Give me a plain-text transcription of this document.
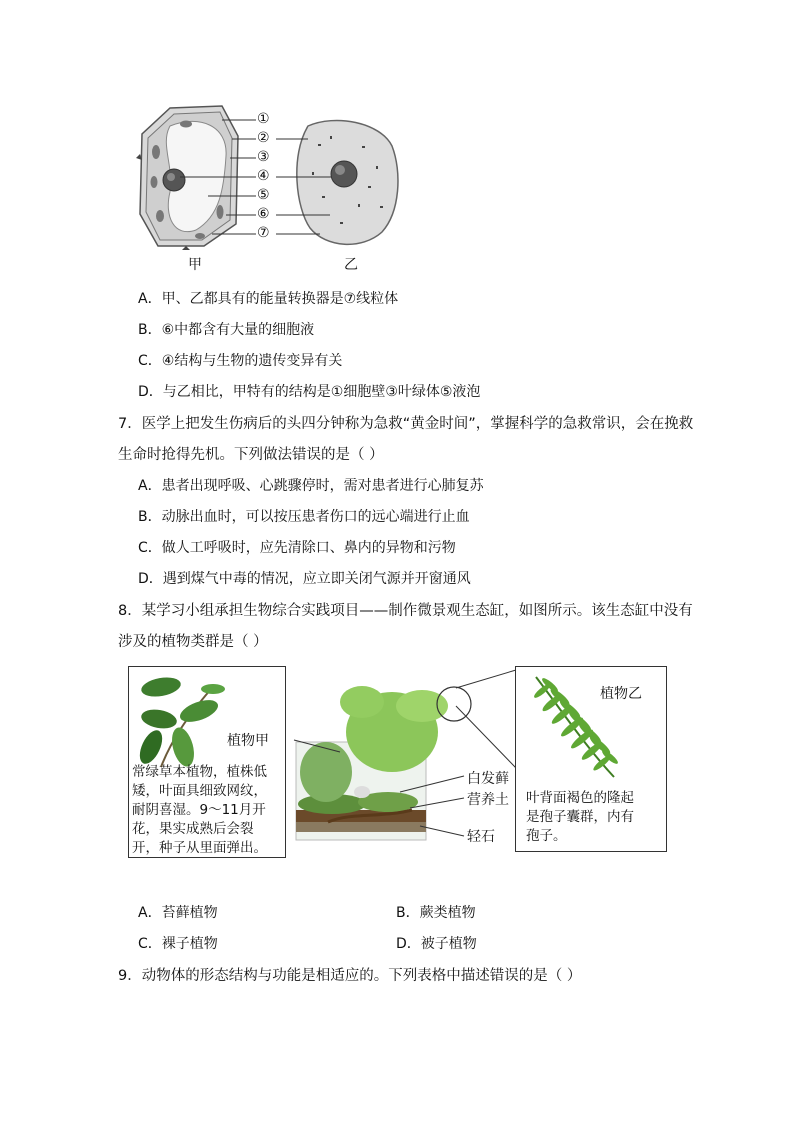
①
②
③
④
⑤
⑥
⑦
甲	乙
A．甲、乙都具有的能量转换器是⑦线粒体
B．⑥中都含有大量的细胞液
C．④结构与生物的遗传变异有关
D．与乙相比，甲特有的结构是①细胞壁③叶绿体⑤液泡
7．医学上把发生伤病后的头四分钟称为急救“黄金时间”，掌握科学的急救常识，会在挽救
生命时抢得先机。下列做法错误的是（ ）
A．患者出现呼吸、心跳骤停时，需对患者进行心肺复苏
B．动脉出血时，可以按压患者伤口的远心端进行止血
C．做人工呼吸时，应先清除口、鼻内的异物和污物
D．遇到煤气中毒的情况，应立即关闭气源并开窗通风
8．某学习小组承担生物综合实践项目——制作微景观生态缸，如图所示。该生态缸中没有
涉及的植物类群是（ ）
常绿草本植物，植株低
矮，叶面具细致网纹，
耐阴喜湿。9～11月开
花，果实成熟后会裂
开，种子从里面弹出。
植物甲
白发藓
营养土
轻石
植物乙
叶背面褐色的隆起
是孢子囊群，内有
孢子。
A．苔藓植物	B．蕨类植物
C．裸子植物	D．被子植物
9．动物体的形态结构与功能是相适应的。下列表格中描述错误的是（ ）
